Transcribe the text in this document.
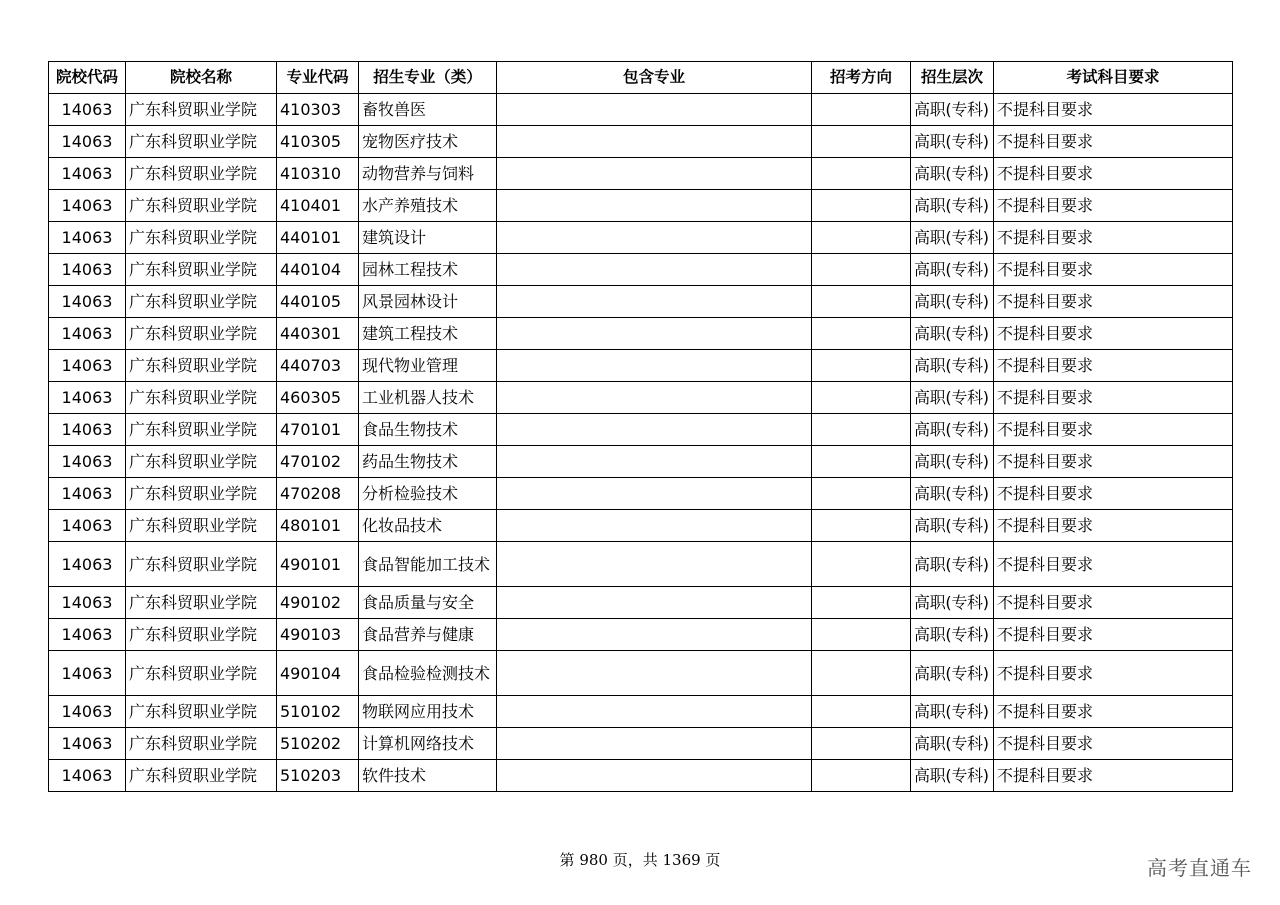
院校代码	院校名称	专业代码	招生专业（类）	包含专业	招考方向	招生层次	考试科目要求
14063	广东科贸职业学院	410303	畜牧兽医			高职(专科)	不提科目要求
14063	广东科贸职业学院	410305	宠物医疗技术			高职(专科)	不提科目要求
14063	广东科贸职业学院	410310	动物营养与饲料			高职(专科)	不提科目要求
14063	广东科贸职业学院	410401	水产养殖技术			高职(专科)	不提科目要求
14063	广东科贸职业学院	440101	建筑设计			高职(专科)	不提科目要求
14063	广东科贸职业学院	440104	园林工程技术			高职(专科)	不提科目要求
14063	广东科贸职业学院	440105	风景园林设计			高职(专科)	不提科目要求
14063	广东科贸职业学院	440301	建筑工程技术			高职(专科)	不提科目要求
14063	广东科贸职业学院	440703	现代物业管理			高职(专科)	不提科目要求
14063	广东科贸职业学院	460305	工业机器人技术			高职(专科)	不提科目要求
14063	广东科贸职业学院	470101	食品生物技术			高职(专科)	不提科目要求
14063	广东科贸职业学院	470102	药品生物技术			高职(专科)	不提科目要求
14063	广东科贸职业学院	470208	分析检验技术			高职(专科)	不提科目要求
14063	广东科贸职业学院	480101	化妆品技术			高职(专科)	不提科目要求
14063	广东科贸职业学院	490101	食品智能加工技术			高职(专科)	不提科目要求
14063	广东科贸职业学院	490102	食品质量与安全			高职(专科)	不提科目要求
14063	广东科贸职业学院	490103	食品营养与健康			高职(专科)	不提科目要求
14063	广东科贸职业学院	490104	食品检验检测技术			高职(专科)	不提科目要求
14063	广东科贸职业学院	510102	物联网应用技术			高职(专科)	不提科目要求
14063	广东科贸职业学院	510202	计算机网络技术			高职(专科)	不提科目要求
14063	广东科贸职业学院	510203	软件技术			高职(专科)	不提科目要求
第 980 页，共 1369 页	高考直通车
